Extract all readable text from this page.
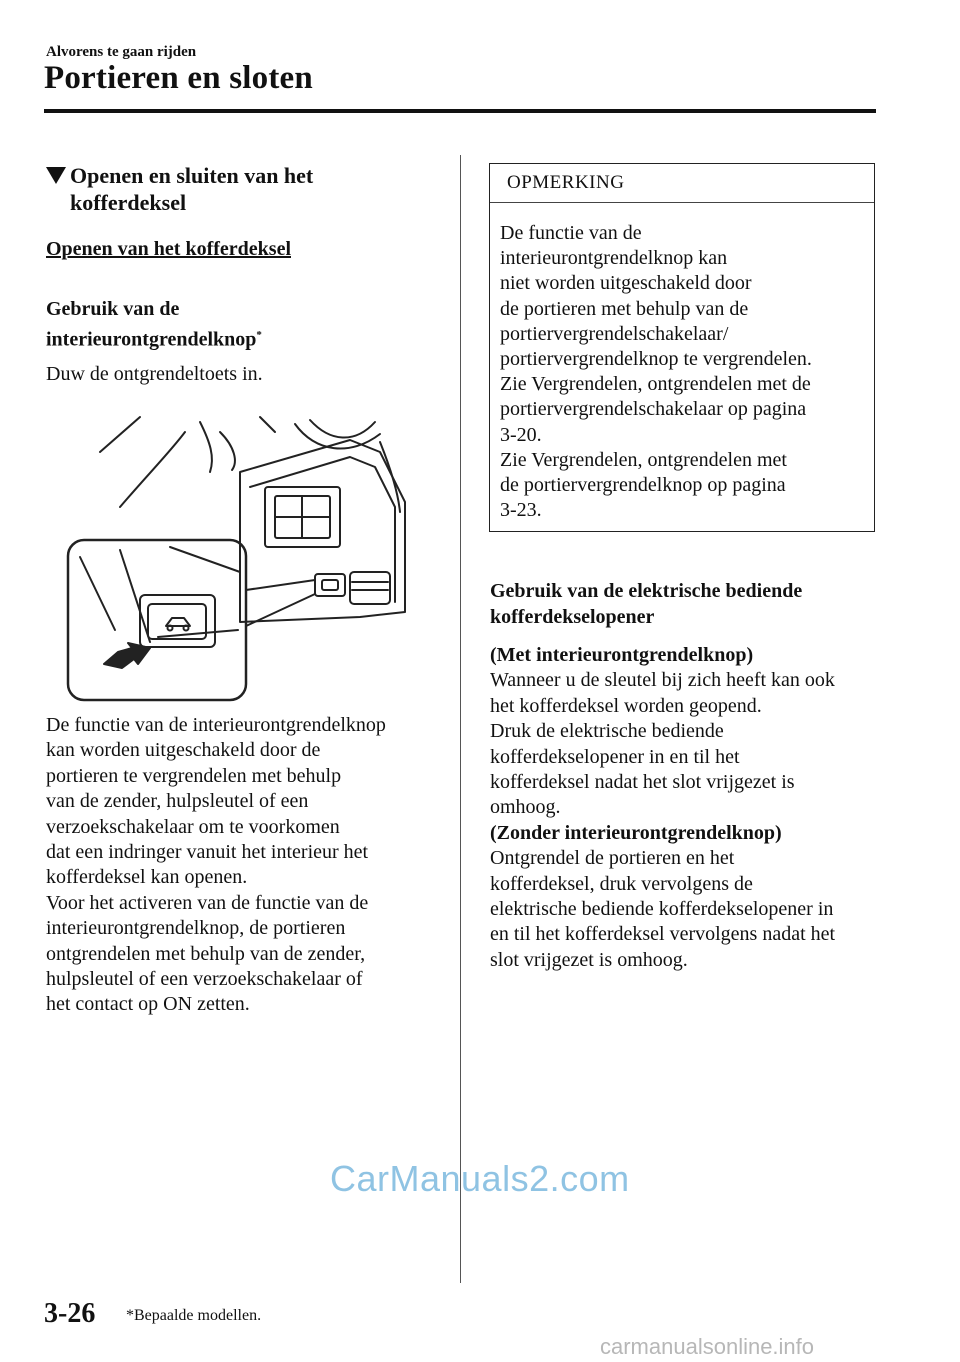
Alvorens te gaan rijden
Portieren en sloten
Openen en sluiten van het
kofferdeksel
Openen van het kofferdeksel
Gebruik van de
interieurontgrendelknop*
Duw de ontgrendeltoets in.
De functie van de interieurontgrendelknop
kan worden uitgeschakeld door de
portieren te vergrendelen met behulp
van de zender, hulpsleutel of een
verzoekschakelaar om te voorkomen
dat een indringer vanuit het interieur het
kofferdeksel kan openen.
Voor het activeren van de functie van de
interieurontgrendelknop, de portieren
ontgrendelen met behulp van de zender,
hulpsleutel of een verzoekschakelaar of
het contact op ON zetten.
OPMERKING
De functie van de
interieurontgrendelknop kan
niet worden uitgeschakeld door
de portieren met behulp van de
portiervergrendelschakelaar/
portiervergrendelknop te vergrendelen.
Zie Vergrendelen, ontgrendelen met de
portiervergrendelschakelaar op pagina
3-20.
Zie Vergrendelen, ontgrendelen met
de portiervergrendelknop op pagina
3-23.
Gebruik van de elektrische bediende
kofferdekselopener
(Met interieurontgrendelknop)
Wanneer u de sleutel bij zich heeft kan ook
het kofferdeksel worden geopend.
Druk de elektrische bediende
kofferdekselopener in en til het
kofferdeksel nadat het slot vrijgezet is
omhoog.
(Zonder interieurontgrendelknop)
Ontgrendel de portieren en het
kofferdeksel, druk vervolgens de
elektrische bediende kofferdekselopener in
en til het kofferdeksel vervolgens nadat het
slot vrijgezet is omhoog.
CarManuals2.com
3-26 *Bepaalde modellen.
carmanualsonline.info
